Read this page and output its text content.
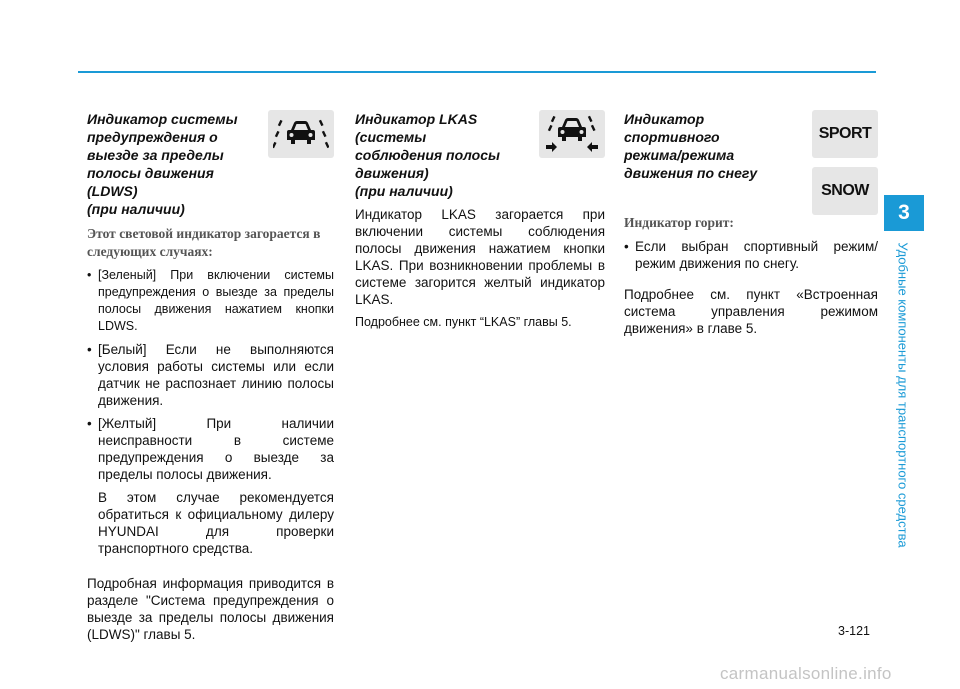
Индикатор системы
предупреждения о
выезде за пределы
полосы движения (LDWS)
(при наличии)
Этот световой индикатор загорается в следующих случаях:
• [Зеленый] При включении системы предупреждения о выезде за пределы полосы движения нажатием кнопки LDWS.
• [Белый] Если не выполняются условия работы системы или если датчик не распознает линию полосы движения.
• [Желтый] При наличии неисправности в системе предупреждения о выезде за пределы полосы движения.

В этом случае рекомендуется обратиться к официальному дилеру HYUNDAI для проверки транспортного средства.

Подробная информация приводится в разделе "Система предупреждения о выезде за пределы полосы движения (LDWS)" главы 5.

Индикатор LKAS
(системы
соблюдения полосы
движения)
(при наличии)

Индикатор LKAS загорается при включении системы соблюдения полосы движения нажатием кнопки LKAS. При возникновении проблемы в системе загорится желтый индикатор LKAS.

Подробнее см. пункт “LKAS” главы 5.

Индикатор
спортивного
режима/режима
движения по снегу
SPORT
SNOW
Индикатор горит:
• Если выбран спортивный режим/режим движения по снегу.

Подробнее см. пункт «Встроенная система управления режимом движения» в главе 5.

3
Удобные компоненты для транспортного средства
3-121
carmanualsonline.info
